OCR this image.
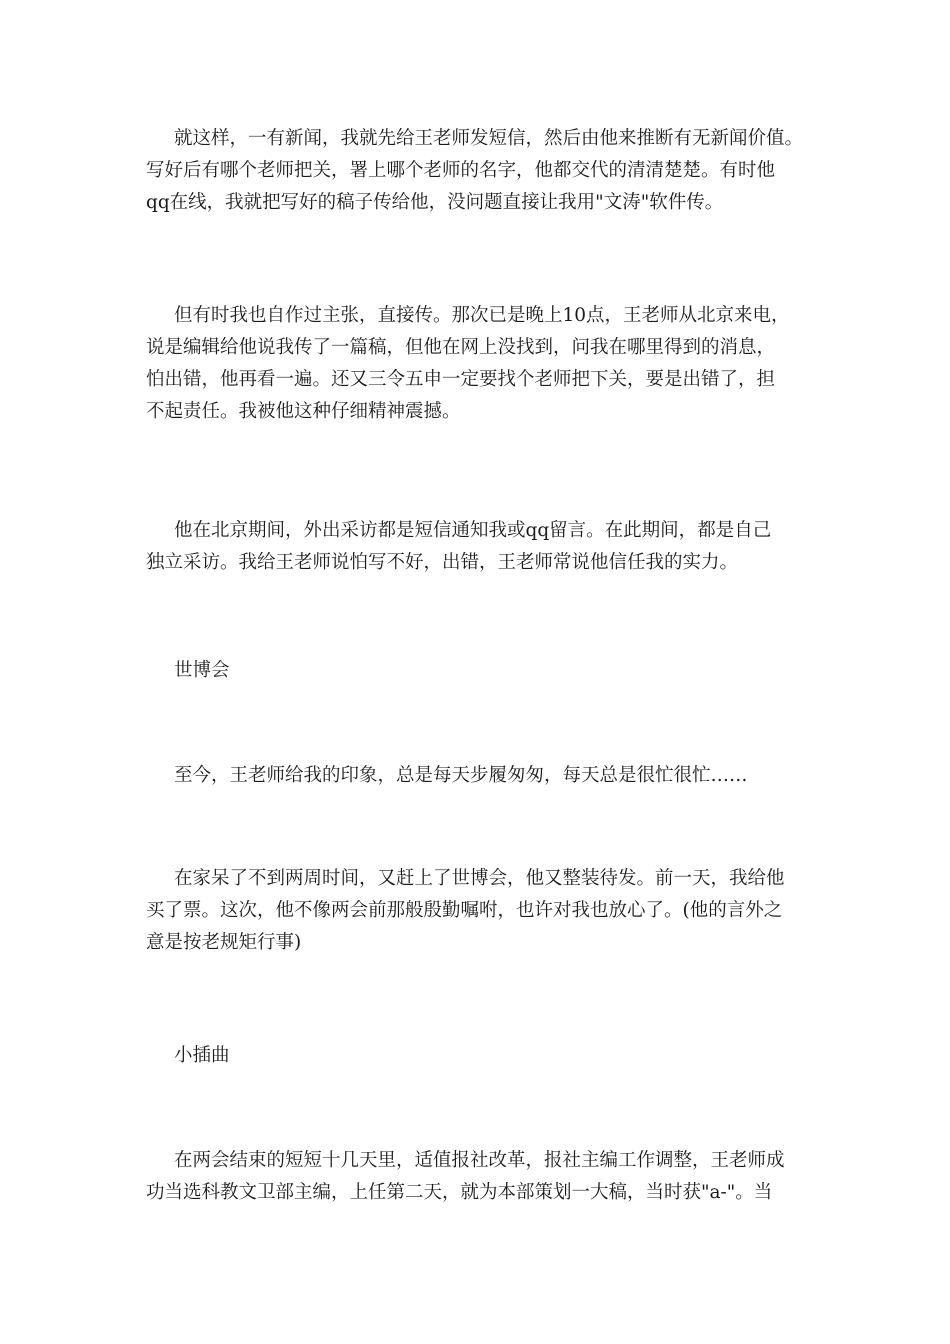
就这样，一有新闻，我就先给王老师发短信，然后由他来推断有无新闻价值。
写好后有哪个老师把关，署上哪个老师的名字，他都交代的清清楚楚。有时他
qq在线，我就把写好的稿子传给他，没问题直接让我用"文涛"软件传。

但有时我也自作过主张，直接传。那次已是晚上10点，王老师从北京来电，
说是编辑给他说我传了一篇稿，但他在网上没找到，问我在哪里得到的消息，
怕出错，他再看一遍。还又三令五申一定要找个老师把下关，要是出错了，担
不起责任。我被他这种仔细精神震撼。

他在北京期间，外出采访都是短信通知我或qq留言。在此期间，都是自己
独立采访。我给王老师说怕写不好，出错，王老师常说他信任我的实力。

世博会

至今，王老师给我的印象，总是每天步履匆匆，每天总是很忙很忙……

在家呆了不到两周时间，又赶上了世博会，他又整装待发。前一天，我给他
买了票。这次，他不像两会前那般殷勤嘱咐，也许对我也放心了。(他的言外之
意是按老规矩行事)

小插曲

在两会结束的短短十几天里，适值报社改革，报社主编工作调整，王老师成
功当选科教文卫部主编，上任第二天，就为本部策划一大稿，当时获"a-"。当
